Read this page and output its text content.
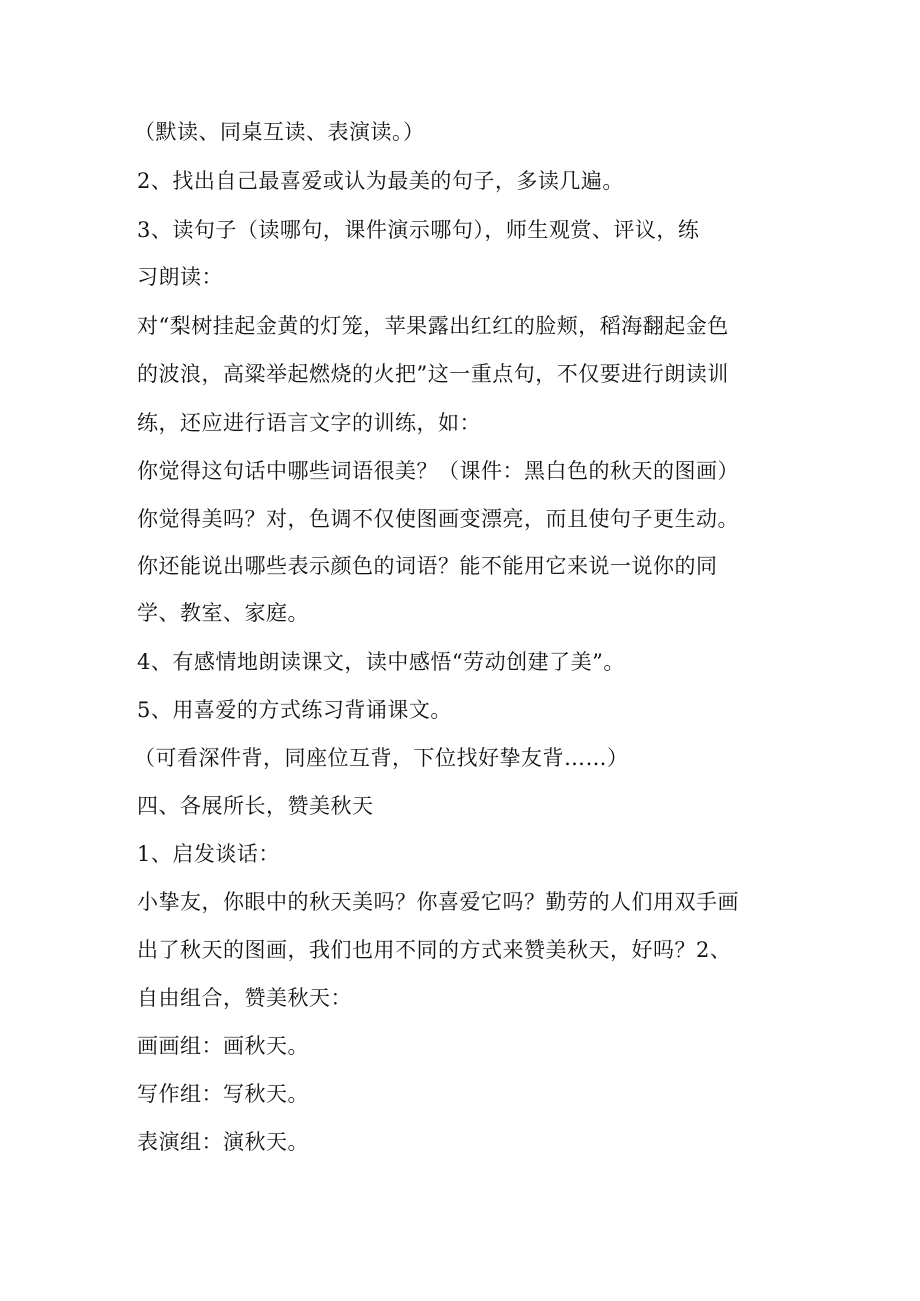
（默读、同桌互读、表演读。）

2、找出自己最喜爱或认为最美的句子，多读几遍。

3、读句子（读哪句，课件演示哪句），师生观赏、评议，练

习朗读：

对“梨树挂起金黄的灯笼，苹果露出红红的脸颊，稻海翻起金色

的波浪，高粱举起燃烧的火把”这一重点句，不仅要进行朗读训

练，还应进行语言文字的训练，如：

你觉得这句话中哪些词语很美？（课件：黑白色的秋天的图画）

你觉得美吗？对，色调不仅使图画变漂亮，而且使句子更生动。

你还能说出哪些表示颜色的词语？能不能用它来说一说你的同

学、教室、家庭。

4、有感情地朗读课文，读中感悟“劳动创建了美”。

5、用喜爱的方式练习背诵课文。

（可看深件背，同座位互背，下位找好挚友背……）

四、各展所长，赞美秋天

1、启发谈话：

小挚友，你眼中的秋天美吗？你喜爱它吗？勤劳的人们用双手画

出了秋天的图画，我们也用不同的方式来赞美秋天，好吗？2、

自由组合，赞美秋天：

画画组：画秋天。

写作组：写秋天。

表演组：演秋天。
